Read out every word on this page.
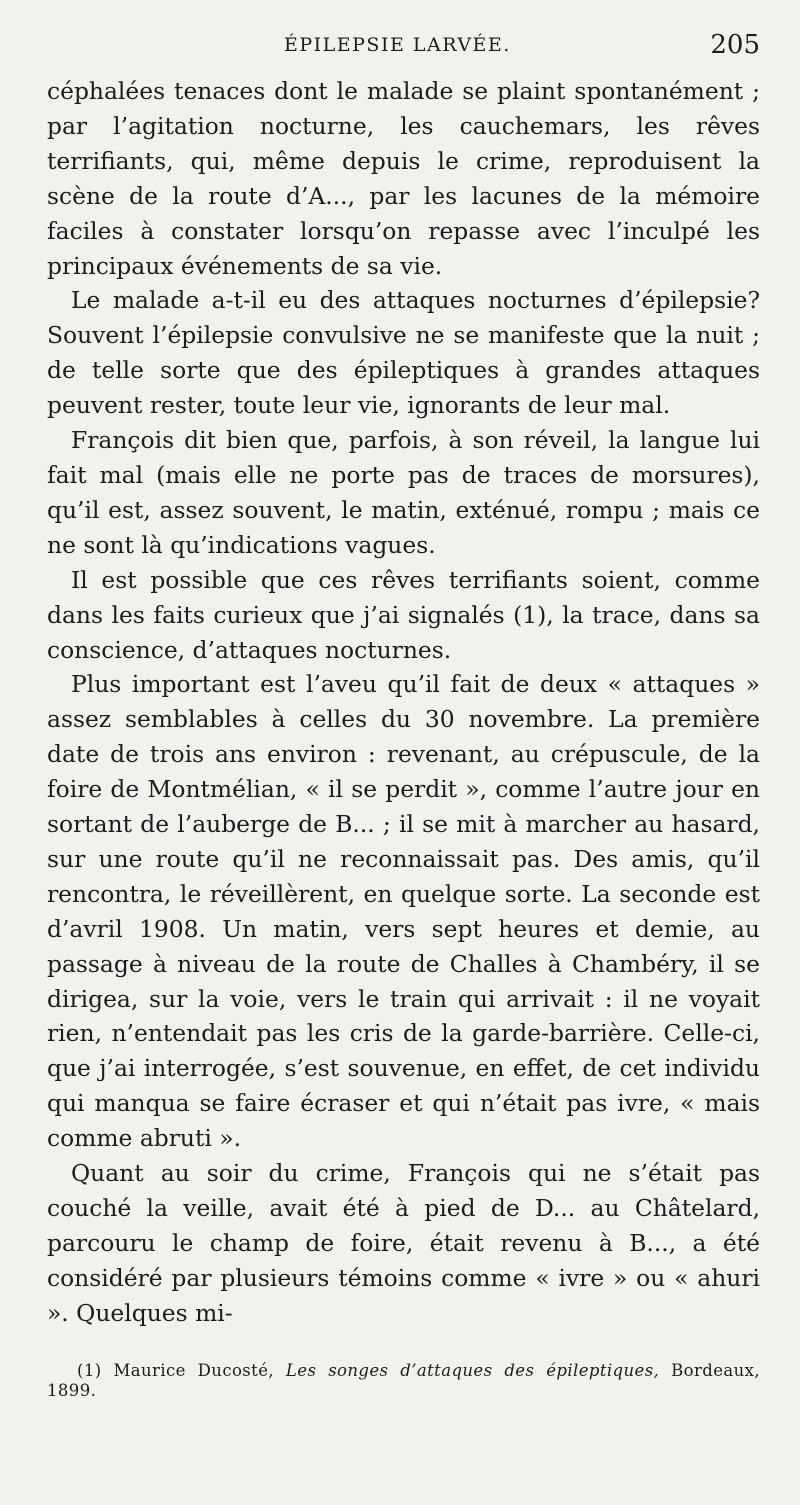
ÉPILEPSIE LARVÉE.	205

céphalées tenaces dont le malade se plaint spontanément ; par l’agitation nocturne, les cauchemars, les rêves terrifiants, qui, même depuis le crime, reproduisent la scène de la route d’A..., par les lacunes de la mémoire faciles à constater lorsqu’on repasse avec l’inculpé les principaux événements de sa vie.

Le malade a-t-il eu des attaques nocturnes d’épilepsie? Souvent l’épilepsie convulsive ne se manifeste que la nuit ; de telle sorte que des épileptiques à grandes attaques peuvent rester, toute leur vie, ignorants de leur mal.

François dit bien que, parfois, à son réveil, la langue lui fait mal (mais elle ne porte pas de traces de morsures), qu’il est, assez souvent, le matin, exténué, rompu ; mais ce ne sont là qu’indications vagues.

Il est possible que ces rêves terrifiants soient, comme dans les faits curieux que j’ai signalés (1), la trace, dans sa conscience, d’attaques nocturnes.

Plus important est l’aveu qu’il fait de deux « attaques » assez semblables à celles du 30 novembre. La première date de trois ans environ : revenant, au crépuscule, de la foire de Montmélian, « il se perdit », comme l’autre jour en sortant de l’auberge de B... ; il se mit à marcher au hasard, sur une route qu’il ne reconnaissait pas. Des amis, qu’il rencontra, le réveillèrent, en quelque sorte. La seconde est d’avril 1908. Un matin, vers sept heures et demie, au passage à niveau de la route de Challes à Chambéry, il se dirigea, sur la voie, vers le train qui arrivait : il ne voyait rien, n’entendait pas les cris de la garde-barrière. Celle-ci, que j’ai interrogée, s’est souvenue, en effet, de cet individu qui manqua se faire écraser et qui n’était pas ivre, « mais comme abruti ».

Quant au soir du crime, François qui ne s’était pas couché la veille, avait été à pied de D... au Châtelard, parcouru le champ de foire, était revenu à B..., a été considéré par plusieurs témoins comme « ivre » ou « ahuri ». Quelques mi-

(1) Maurice Ducosté, Les songes d’attaques des épileptiques, Bordeaux, 1899.
